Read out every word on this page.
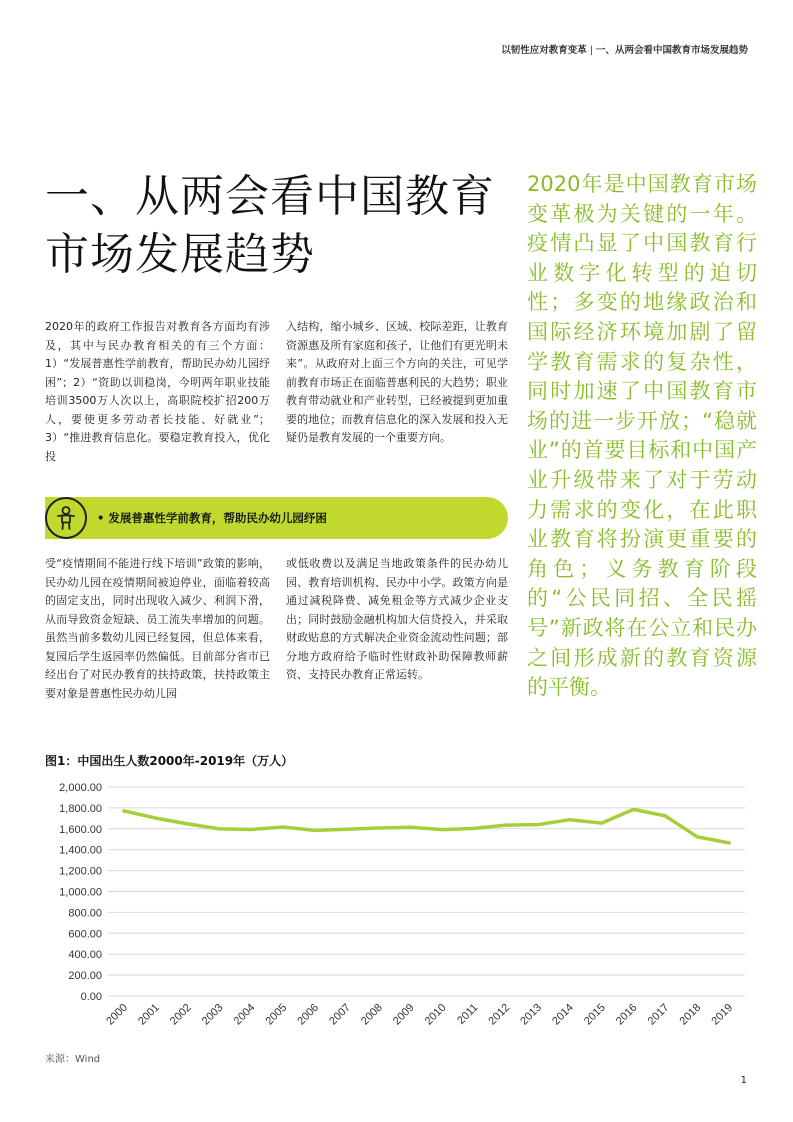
以韧性应对教育变革 | 一、从两会看中国教育市场发展趋势
一、从两会看中国教育市场发展趋势

2020年是中国教育市场变革极为关键的一年。疫情凸显了中国教育行业数字化转型的迫切性；多变的地缘政治和国际经济环境加剧了留学教育需求的复杂性，同时加速了中国教育市场的进一步开放；“稳就业”的首要目标和中国产业升级带来了对于劳动力需求的变化，在此职业教育将扮演更重要的角色；义务教育阶段的“公民同招、全民摇号”新政将在公立和民办之间形成新的教育资源的平衡。

2020年的政府工作报告对教育各方面均有涉及，其中与民办教育相关的有三个方面：1）“发展普惠性学前教育，帮助民办幼儿园纾困”；2）“资助以训稳岗，今明两年职业技能培训3500万人次以上，高职院校扩招200万人，要使更多劳动者长技能、好就业”；3）“推进教育信息化。要稳定教育投入，优化投

入结构，缩小城乡、区域、校际差距，让教育资源惠及所有家庭和孩子，让他们有更光明未来”。从政府对上面三个方向的关注，可见学前教育市场正在面临普惠利民的大趋势；职业教育带动就业和产业转型，已经被提到更加重要的地位；而教育信息化的深入发展和投入无疑仍是教育发展的一个重要方向。

• 发展普惠性学前教育，帮助民办幼儿园纾困

受“疫情期间不能进行线下培训”政策的影响，民办幼儿园在疫情期间被迫停业，面临着较高的固定支出，同时出现收入减少、利润下滑，从而导致资金短缺、员工流失率增加的问题。虽然当前多数幼儿园已经复园，但总体来看，复园后学生返园率仍然偏低。目前部分省市已经出台了对民办教育的扶持政策，扶持政策主要对象是普惠性民办幼儿园

或低收费以及满足当地政策条件的民办幼儿园、教育培训机构、民办中小学。政策方向是通过减税降费、减免租金等方式减少企业支出；同时鼓励金融机构加大信贷投入，并采取财政贴息的方式解决企业资金流动性问题；部分地方政府给予临时性财政补助保障教师薪资、支持民办教育正常运转。

图1：中国出生人数2000年-2019年（万人）
2,000.00
1,800.00
1,600.00
1,400.00
1,200.00
1,000.00
800.00
600.00
400.00
200.00
0.00
2000 2001 2002 2003 2004 2005 2006 2007 2008 2009 2010 2011 2012 2013 2014 2015 2016 2017 2018 2019
来源：Wind
1
